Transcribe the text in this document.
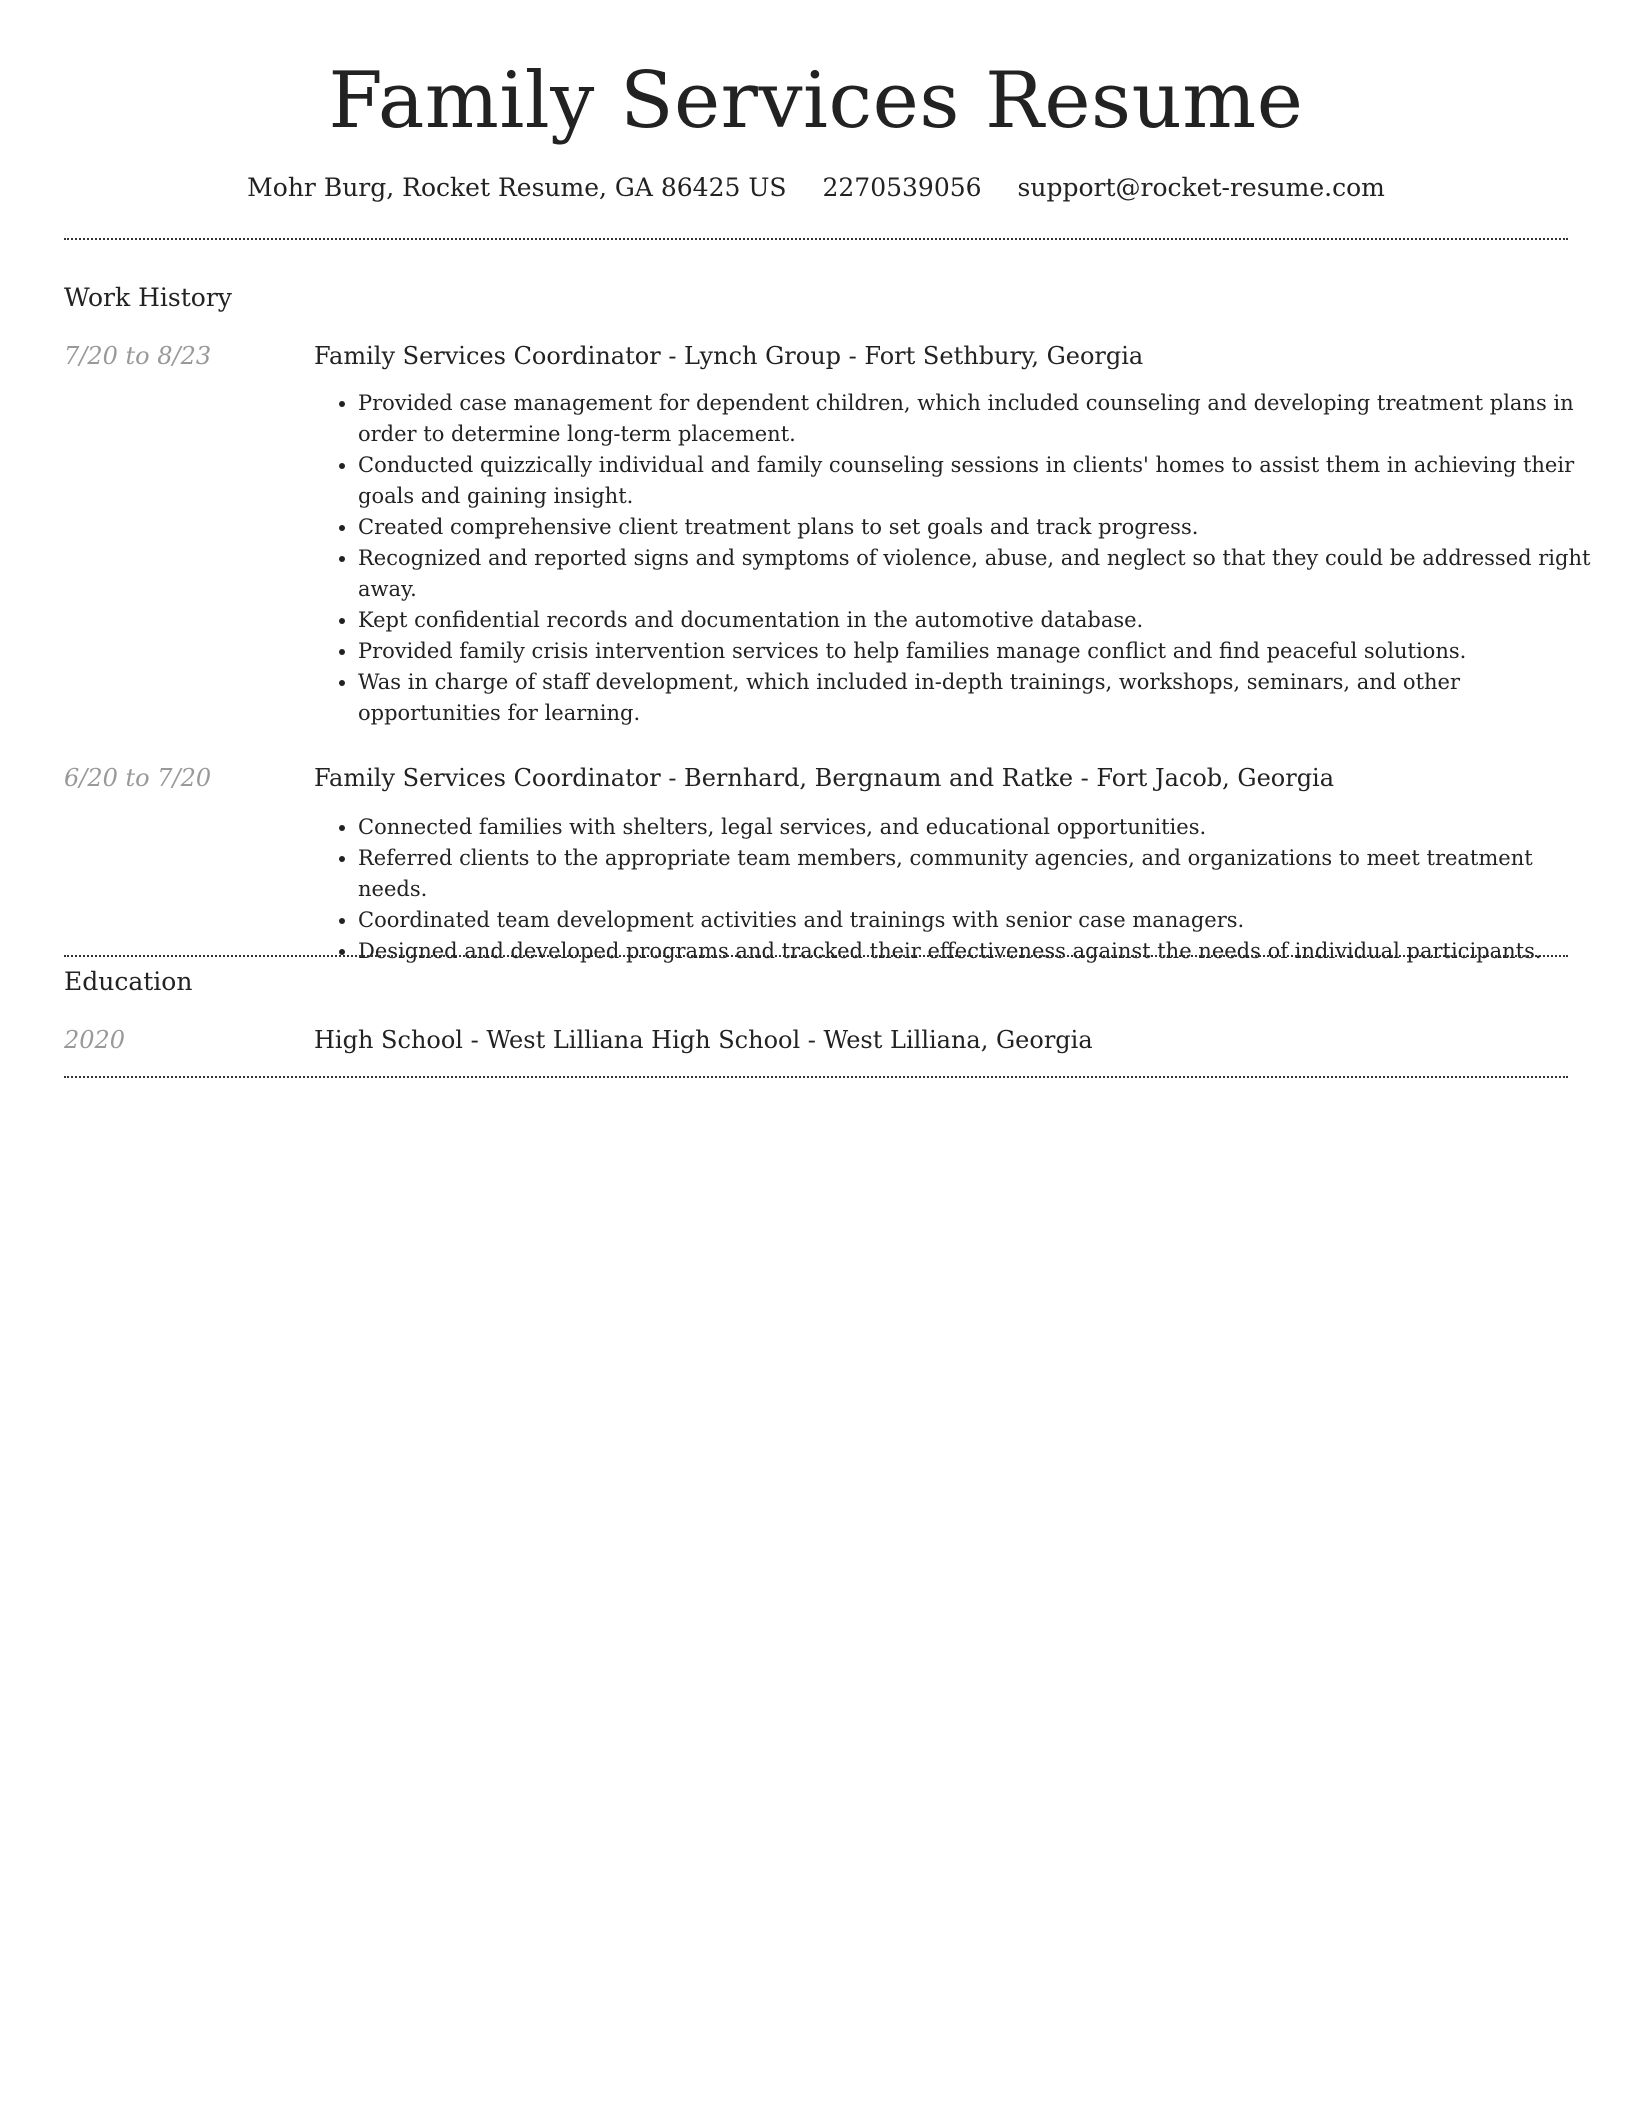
Family Services Resume
Mohr Burg, Rocket Resume, GA 86425 US 2270539056 support@rocket-resume.com
Work History
7/20 to 8/23	Family Services Coordinator - Lynch Group - Fort Sethbury, Georgia
• Provided case management for dependent children, which included counseling and developing treatment plans in order to determine long-term placement.
• Conducted quizzically individual and family counseling sessions in clients' homes to assist them in achieving their goals and gaining insight.
• Created comprehensive client treatment plans to set goals and track progress.
• Recognized and reported signs and symptoms of violence, abuse, and neglect so that they could be addressed right away.
• Kept confidential records and documentation in the automotive database.
• Provided family crisis intervention services to help families manage conflict and find peaceful solutions.
• Was in charge of staff development, which included in-depth trainings, workshops, seminars, and other opportunities for learning.
6/20 to 7/20	Family Services Coordinator - Bernhard, Bergnaum and Ratke - Fort Jacob, Georgia
• Connected families with shelters, legal services, and educational opportunities.
• Referred clients to the appropriate team members, community agencies, and organizations to meet treatment needs.
• Coordinated team development activities and trainings with senior case managers.
• Designed and developed programs and tracked their effectiveness against the needs of individual participants.
Education
2020	High School - West Lilliana High School - West Lilliana, Georgia
